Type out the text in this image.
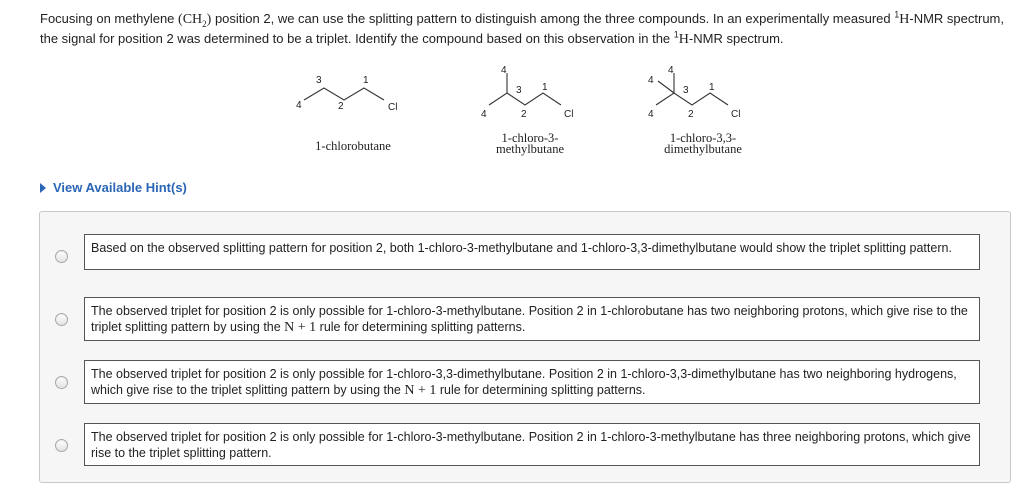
Focusing on methylene $(CH_2)$ position 2, we can use the splitting pattern to distinguish among the three compounds. In an experimentally measured $^1$H-NMR spectrum, the signal for position 2 was determined to be a triplet. Identify the compound based on this observation in the $^1$H-NMR spectrum.
3	1
4	2	Cl
1-chlorobutane
4
3 1
4	2	Cl
1-chloro-3-
methylbutane
4
4
3 1
4	2	Cl
1-chloro-3,3-
dimethylbutane
View Available Hint(s)
Based on the observed splitting pattern for position 2, both 1-chloro-3-methylbutane and 1-chloro-3,3-dimethylbutane would show the triplet splitting pattern.
The observed triplet for position 2 is only possible for 1-chloro-3-methylbutane. Position 2 in 1-chlorobutane has two neighboring protons, which give rise to the triplet splitting pattern by using the N + 1 rule for determining splitting patterns.
The observed triplet for position 2 is only possible for 1-chloro-3,3-dimethylbutane. Position 2 in 1-chloro-3,3-dimethylbutane has two neighboring hydrogens, which give rise to the triplet splitting pattern by using the N + 1 rule for determining splitting patterns.
The observed triplet for position 2 is only possible for 1-chloro-3-methylbutane. Position 2 in 1-chloro-3-methylbutane has three neighboring protons, which give rise to the triplet splitting pattern.
